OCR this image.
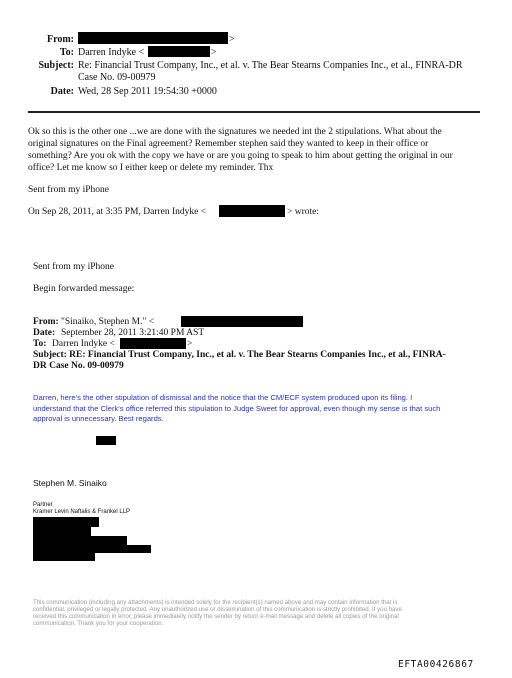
From:	>
To: Darren Indyke <	>
Subject: Re: Financial Trust Company, Inc., et al. v. The Bear Stearns Companies Inc., et al., FINRA-DR
Case No. 09-00979
Date: Wed, 28 Sep 2011 19:54:30 +0000
Ok so this is the other one ...we are done with the signatures we needed int the 2 stipulations. What about the
original signatures on the Final agreement? Remember stephen said they wanted to keep in their office or
something? Are you ok with the copy we have or are you going to speak to him about getting the original in our
office? Let me know so I either keep or delete my reminder. Thx
Sent from my iPhone
On Sep 28, 2011, at 3:35 PM, Darren Indyke <	> wrote:
Sent from my iPhone
Begin forwarded message:
From: "Sinaiko, Stephen M." <
Date: September 28, 2011 3:21:40 PM AST
To: Darren Indyke <	>
Subject: RE: Financial Trust Company, Inc., et al. v. The Bear Stearns Companies Inc., et al., FINRA-
DR Case No. 09-00979
Darren, here's the other stipulation of dismissal and the notice that the CM/ECF system produced upon its filing. I
understand that the Clerk's office referred this stipulation to Judge Sweet for approval, even though my sense is that such
approval is unnecessary. Best regards.
Stephen M. Sinaiko
Partner
Kramer Levin Naftalis & Frankel LLP
This communication (including any attachments) is intended solely for the recipient(s) named above and may contain information that is
confidential, privileged or legally protected. Any unauthorized use or dissemination of this communication is strictly prohibited. If you have
received this communication in error, please immediately notify the sender by return e-mail message and delete all copies of the original
communication. Thank you for your cooperation.
EFTA00426867
